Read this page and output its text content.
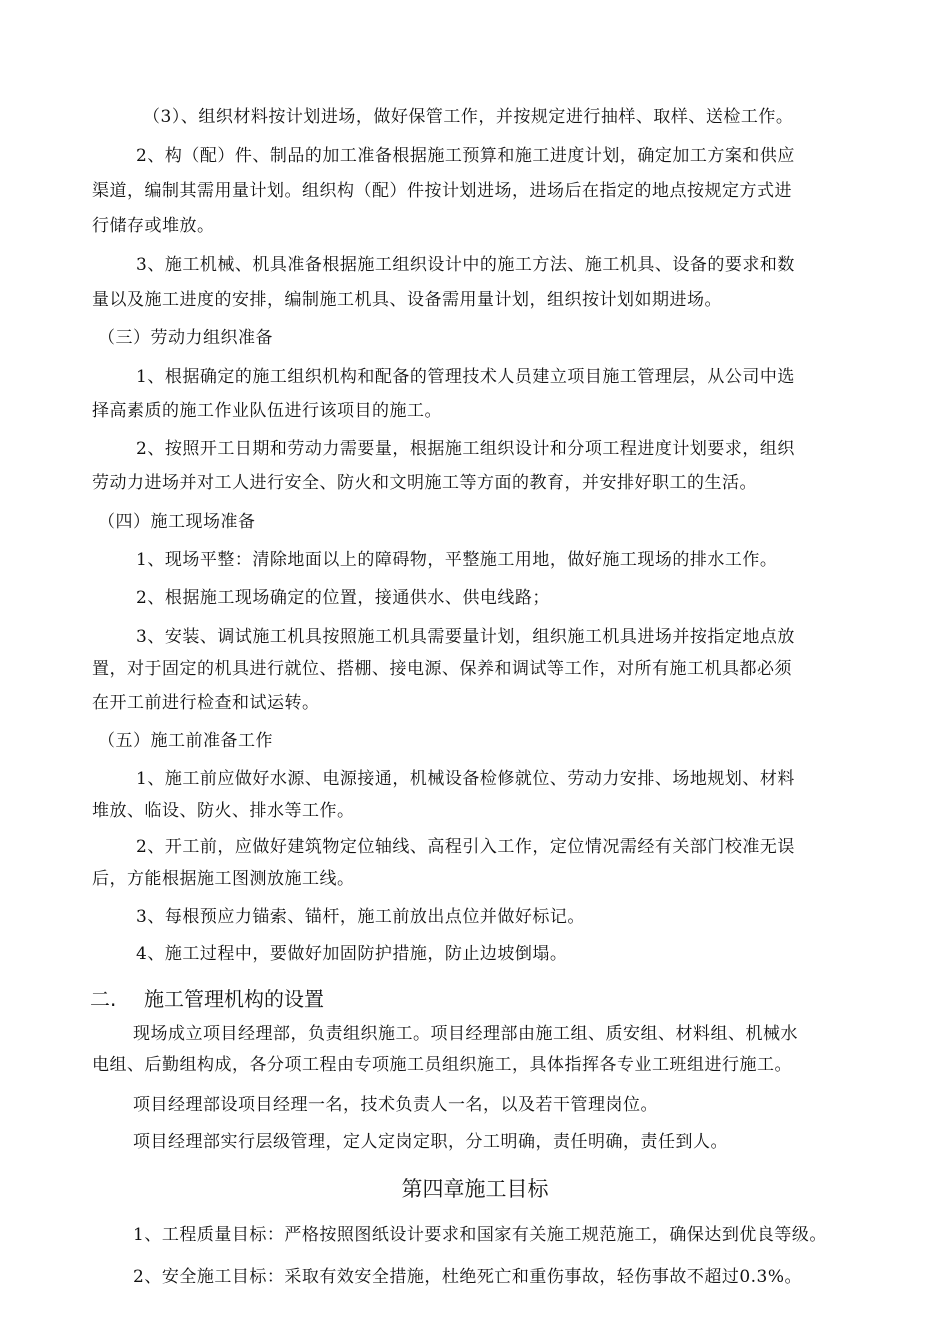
（3）、组织材料按计划进场，做好保管工作，并按规定进行抽样、取样、送检工作。
2、构（配）件、制品的加工准备根据施工预算和施工进度计划，确定加工方案和供应
渠道，编制其需用量计划。组织构（配）件按计划进场，进场后在指定的地点按规定方式进
行储存或堆放。
3、施工机械、机具准备根据施工组织设计中的施工方法、施工机具、设备的要求和数
量以及施工进度的安排，编制施工机具、设备需用量计划，组织按计划如期进场。
（三）劳动力组织准备
1、根据确定的施工组织机构和配备的管理技术人员建立项目施工管理层，从公司中选
择高素质的施工作业队伍进行该项目的施工。
2、按照开工日期和劳动力需要量，根据施工组织设计和分项工程进度计划要求，组织
劳动力进场并对工人进行安全、防火和文明施工等方面的教育，并安排好职工的生活。
（四）施工现场准备
1、现场平整：清除地面以上的障碍物，平整施工用地，做好施工现场的排水工作。
2、根据施工现场确定的位置，接通供水、供电线路；
3、安装、调试施工机具按照施工机具需要量计划，组织施工机具进场并按指定地点放
置，对于固定的机具进行就位、搭棚、接电源、保养和调试等工作，对所有施工机具都必须
在开工前进行检查和试运转。
（五）施工前准备工作
1、施工前应做好水源、电源接通，机械设备检修就位、劳动力安排、场地规划、材料
堆放、临设、防火、排水等工作。
2、开工前，应做好建筑物定位轴线、高程引入工作，定位情况需经有关部门校准无误
后，方能根据施工图测放施工线。
3、每根预应力锚索、锚杆，施工前放出点位并做好标记。
4、施工过程中，要做好加固防护措施，防止边坡倒塌。
二. 施工管理机构的设置
现场成立项目经理部，负责组织施工。项目经理部由施工组、质安组、材料组、机械水
电组、后勤组构成，各分项工程由专项施工员组织施工，具体指挥各专业工班组进行施工。
项目经理部设项目经理一名，技术负责人一名，以及若干管理岗位。
项目经理部实行层级管理，定人定岗定职，分工明确，责任明确，责任到人。
第四章施工目标
1、工程质量目标：严格按照图纸设计要求和国家有关施工规范施工，确保达到优良等级。
2、安全施工目标：采取有效安全措施，杜绝死亡和重伤事故，轻伤事故不超过0.3%。
